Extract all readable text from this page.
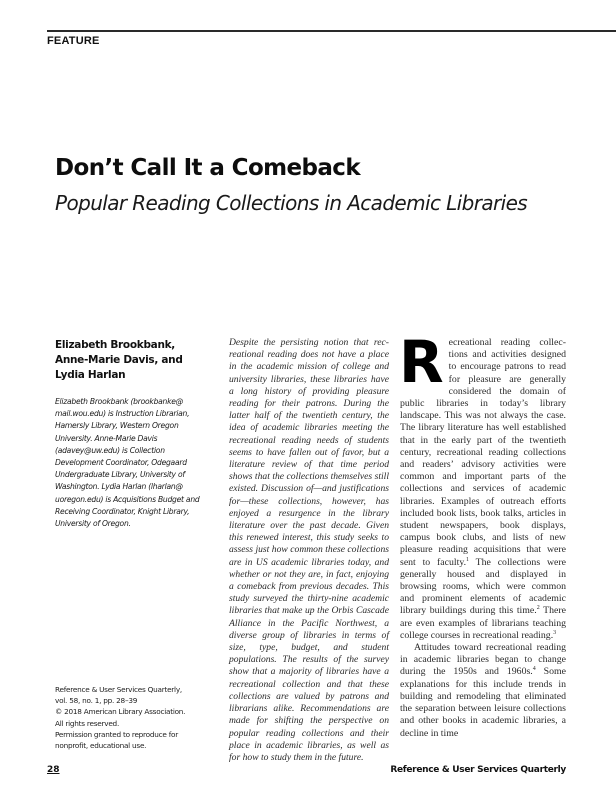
FEATURE
Don’t Call It a Comeback
Popular Reading Collections in Academic Libraries
Elizabeth Brookbank,
Anne-Marie Davis, and
Lydia Harlan
Elizabeth Brookbank (brookbanke@ mail.wou.edu) is Instruction Librarian, Hamersly Library, Western Oregon University. Anne-Marie Davis (adavey@uw.edu) is Collection Development Coordinator, Odegaard Undergraduate Library, University of Washington. Lydia Harlan (lharlan@ uoregon.edu) is Acquisitions Budget and Receiving Coordinator, Knight Library, University of Oregon.
Reference & User Services Quarterly,
vol. 58, no. 1, pp. 28–39
© 2018 American Library Association.
All rights reserved.
Permission granted to reproduce for
nonprofit, educational use.
Despite the persisting notion that recreational reading does not have a place in the academic mission of college and university libraries, these libraries have a long history of providing pleasure reading for their patrons. During the latter half of the twentieth century, the idea of academic libraries meeting the recreational reading needs of students seems to have fallen out of favor, but a literature review of that time period shows that the collections themselves still existed. Discussion of—and justifications for—these collections, however, has enjoyed a resurgence in the library literature over the past decade. Given this renewed interest, this study seeks to assess just how common these collections are in US academic libraries today, and whether or not they are, in fact, enjoying a comeback from previous decades. This study surveyed the thirty-nine academic libraries that make up the Orbis Cascade Alliance in the Pacific Northwest, a diverse group of libraries in terms of size, type, budget, and student populations. The results of the survey show that a majority of libraries have a recreational collection and that these collections are valued by patrons and librarians alike. Recommendations are made for shifting the perspective on popular reading collections and their place in academic libraries, as well as for how to study them in the future.

Recreational reading collections and activities designed to encourage patrons to read for pleasure are generally considered the domain of public libraries in today’s library landscape. This was not always the case. The library literature has well established that in the early part of the twentieth century, recreational reading collections and readers’ advisory activities were common and important parts of the collections and services of academic libraries. Examples of outreach efforts included book lists, book talks, articles in student newspapers, book displays, campus book clubs, and lists of new pleasure reading acquisitions that were sent to faculty.$^1$ The collections were generally housed and displayed in browsing rooms, which were common and prominent elements of academic library buildings during this time.$^2$ There are even examples of librarians teaching college courses in recreational reading.$^3$

Attitudes toward recreational reading in academic libraries began to change during the 1950s and 1960s.$^4$ Some explanations for this include trends in building and remodeling that eliminated the separation between leisure collections and other books in academic libraries, a decline in time

28	Reference & User Services Quarterly
